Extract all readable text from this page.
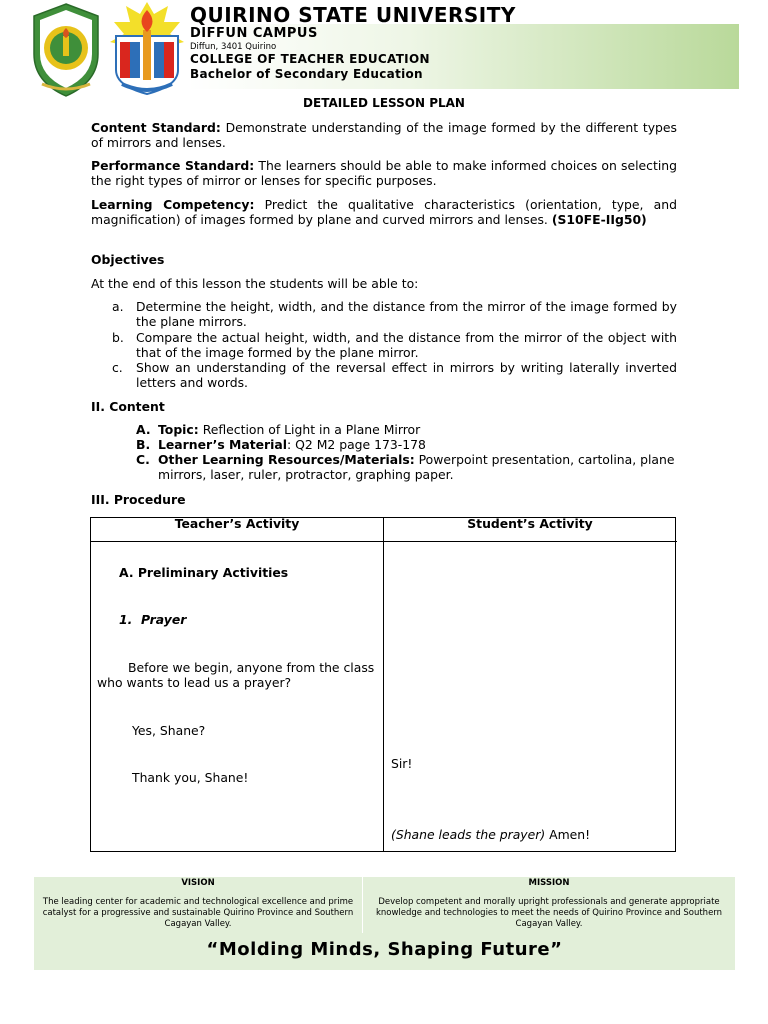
QUIRINO STATE UNIVERSITY
DIFFUN CAMPUS
Diffun, 3401 Quirino
COLLEGE OF TEACHER EDUCATION
Bachelor of Secondary Education
DETAILED LESSON PLAN
Content Standard: Demonstrate understanding of the image formed by the different types of mirrors and lenses.
Performance Standard: The learners should be able to make informed choices on selecting the right types of mirror or lenses for specific purposes.
Learning Competency: Predict the qualitative characteristics (orientation, type, and magnification) of images formed by plane and curved mirrors and lenses. (S10FE-IIg50)
Objectives
At the end of this lesson the students will be able to:
a. Determine the height, width, and the distance from the mirror of the image formed by the plane mirrors.
b. Compare the actual height, width, and the distance from the mirror of the object with that of the image formed by the plane mirror.
c. Show an understanding of the reversal effect in mirrors by writing laterally inverted letters and words.
II. Content
A. Topic: Reflection of Light in a Plane Mirror
B. Learner’s Material: Q2 M2 page 173-178
C. Other Learning Resources/Materials: Powerpoint presentation, cartolina, plane mirrors, laser, ruler, protractor, graphing paper.
III. Procedure
Teacher’s Activity	Student’s Activity
A. Preliminary Activities
1. Prayer
Before we begin, anyone from the class who wants to lead us a prayer?
Yes, Shane?
Thank you, Shane!
Sir!
(Shane leads the prayer) Amen!
VISION
The leading center for academic and technological excellence and prime catalyst for a progressive and sustainable Quirino Province and Southern Cagayan Valley.
MISSION
Develop competent and morally upright professionals and generate appropriate knowledge and technologies to meet the needs of Quirino Province and Southern Cagayan Valley.
“Molding Minds, Shaping Future”
